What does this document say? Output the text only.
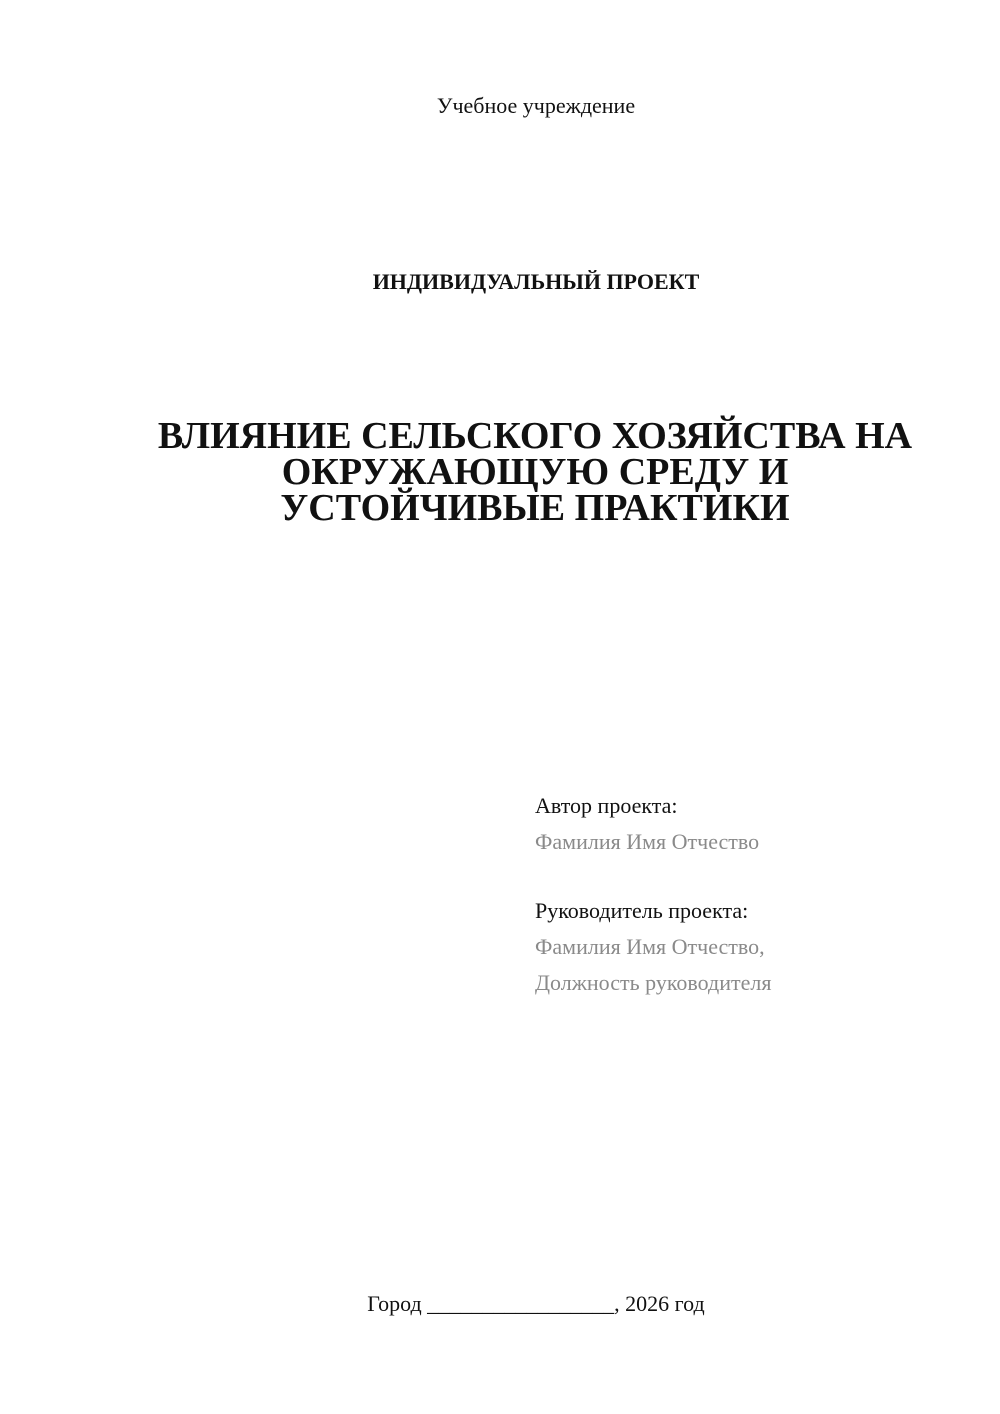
Учебное учреждение
ИНДИВИДУАЛЬНЫЙ ПРОЕКТ
ВЛИЯНИЕ СЕЛЬСКОГО ХОЗЯЙСТВА НА
ОКРУЖАЮЩУЮ СРЕДУ И
УСТОЙЧИВЫЕ ПРАКТИКИ
Автор проекта:
Фамилия Имя Отчество
Руководитель проекта:
Фамилия Имя Отчество,
Должность руководителя
Город _________________, 2026 год
